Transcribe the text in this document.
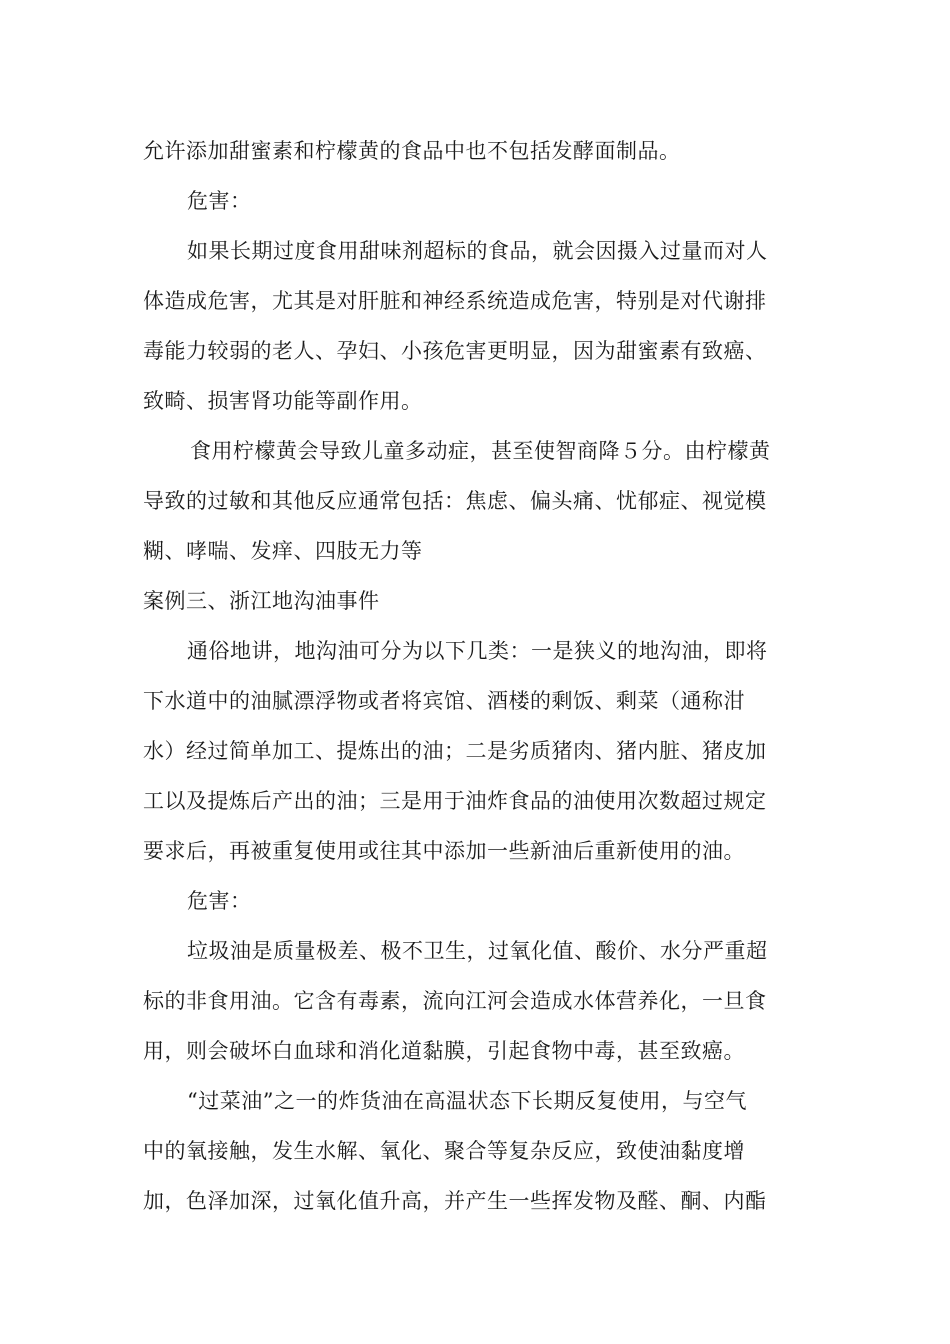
允许添加甜蜜素和柠檬黄的食品中也不包括发酵面制品。
危害：
如果长期过度食用甜味剂超标的食品，就会因摄入过量而对人
体造成危害，尤其是对肝脏和神经系统造成危害，特别是对代谢排
毒能力较弱的老人、孕妇、小孩危害更明显，因为甜蜜素有致癌、
致畸、损害肾功能等副作用。
食用柠檬黄会导致儿童多动症，甚至使智商降５分。由柠檬黄
导致的过敏和其他反应通常包括：焦虑、偏头痛、忧郁症、视觉模
糊、哮喘、发痒、四肢无力等
案例三、浙江地沟油事件
通俗地讲，地沟油可分为以下几类：一是狭义的地沟油，即将
下水道中的油腻漂浮物或者将宾馆、酒楼的剩饭、剩菜（通称泔
水）经过简单加工、提炼出的油；二是劣质猪肉、猪内脏、猪皮加
工以及提炼后产出的油；三是用于油炸食品的油使用次数超过规定
要求后，再被重复使用或往其中添加一些新油后重新使用的油。
危害：
垃圾油是质量极差、极不卫生，过氧化值、酸价、水分严重超
标的非食用油。它含有毒素，流向江河会造成水体营养化，一旦食
用，则会破坏白血球和消化道黏膜，引起食物中毒，甚至致癌。
“过菜油”之一的炸货油在高温状态下长期反复使用，与空气
中的氧接触，发生水解、氧化、聚合等复杂反应，致使油黏度增
加，色泽加深，过氧化值升高，并产生一些挥发物及醛、酮、内酯
